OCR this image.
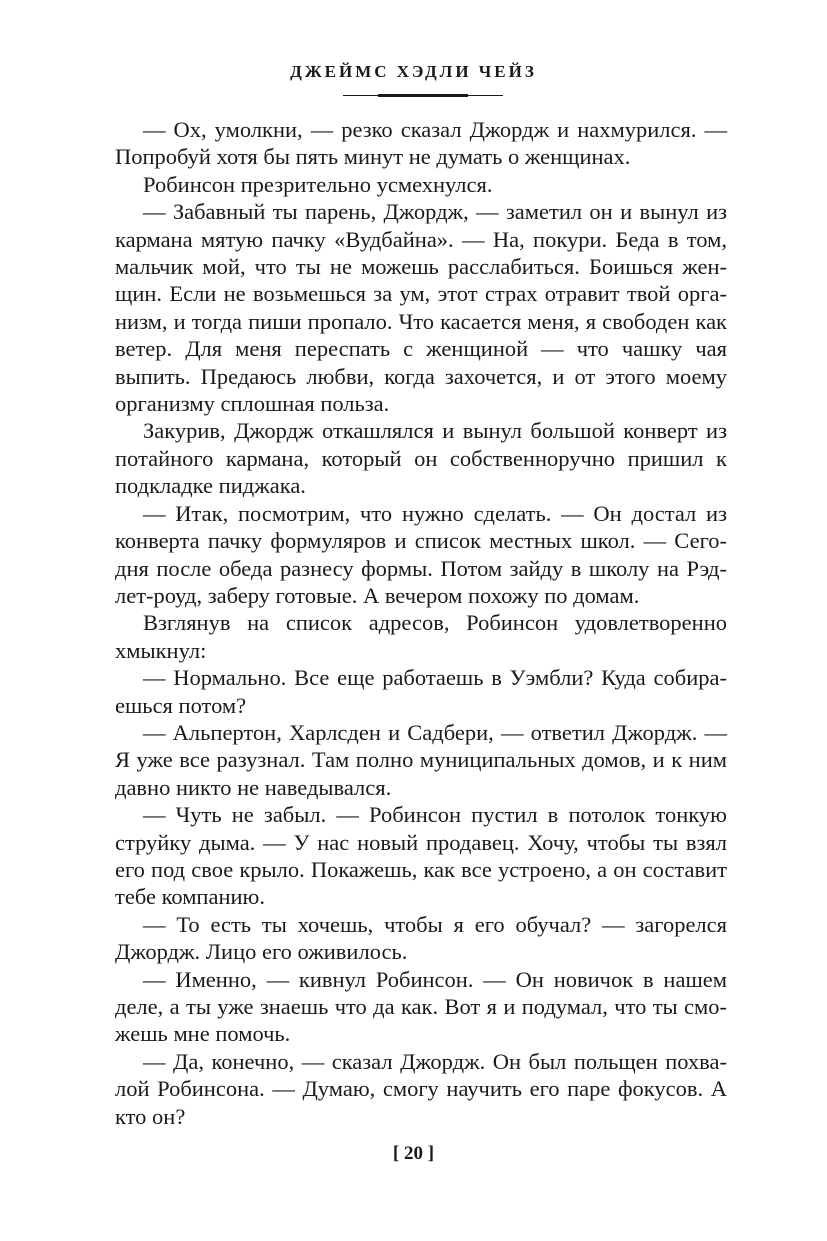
ДЖЕЙМС ХЭДЛИ ЧЕЙЗ

— Ох, умолкни, — резко сказал Джордж и нахмурился. — Попробуй хотя бы пять минут не думать о женщинах.

Робинсон презрительно усмехнулся.

— Забавный ты парень, Джордж, — заметил он и вынул из кармана мятую пачку «Вудбайна». — На, покури. Беда в том, мальчик мой, что ты не можешь расслабиться. Боишься женщин. Если не возьмешься за ум, этот страх отравит твой организм, и тогда пиши пропало. Что касается меня, я свободен как ветер. Для меня переспать с женщиной — что чашку чая выпить. Предаюсь любви, когда захочется, и от этого моему организму сплошная польза.

Закурив, Джордж откашлялся и вынул большой конверт из потайного кармана, который он собственноручно пришил к подкладке пиджака.

— Итак, посмотрим, что нужно сделать. — Он достал из конверта пачку формуляров и список местных школ. — Сегодня после обеда разнесу формы. Потом зайду в школу на Рэдлет-роуд, заберу готовые. А вечером похожу по домам.

Взглянув на список адресов, Робинсон удовлетворенно хмыкнул:

— Нормально. Все еще работаешь в Уэмбли? Куда собираешься потом?

— Альпертон, Харлсден и Садбери, — ответил Джордж. — Я уже все разузнал. Там полно муниципальных домов, и к ним давно никто не наведывался.

— Чуть не забыл. — Робинсон пустил в потолок тонкую струйку дыма. — У нас новый продавец. Хочу, чтобы ты взял его под свое крыло. Покажешь, как все устроено, а он составит тебе компанию.

— То есть ты хочешь, чтобы я его обучал? — загорелся Джордж. Лицо его оживилось.

— Именно, — кивнул Робинсон. — Он новичок в нашем деле, а ты уже знаешь что да как. Вот я и подумал, что ты сможешь мне помочь.

— Да, конечно, — сказал Джордж. Он был польщен похвалой Робинсона. — Думаю, смогу научить его паре фокусов. А кто он?

[ 20 ]
